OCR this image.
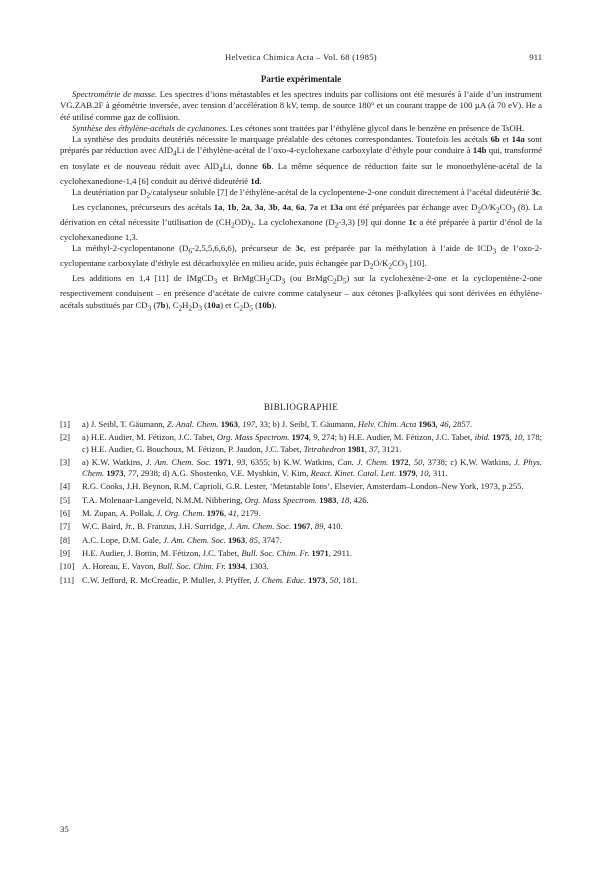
Helvetica Chimica Acta – Vol. 68 (1985)	911
Partie expérimentale

Spectrométrie de masse. Les spectres d’ions métastables et les spectres induits par collisions ont été mesurés à l’aide d’un instrument VG.ZAB.2F à géométrie inversée, avec tension d’accélération 8 kV, temp. de source 180° et un courant trappe de 100 µA (à 70 eV). He a été utilisé comme gaz de collision.

Synthèse des éthylène-acétals de cyclanones. Les cétones sont traitées par l’éthylène glycol dans le benzène en présence de TsOH.

La synthèse des produits deutériés nécessite le marquage préalable des cétones correspondantes. Toutefois les acétals 6b et 14a sont préparés par réduction avec AlD$_4$Li de l’éthylène-acétal de l’oxo-4-cyclohexane carboxylate d’éthyle pour conduire à 14b qui, transformé en tosylate et de nouveau réduit avec AlD$_4$Li, donne 6b. La même séquence de réduction faite sur le monoethylène-acétal de la cyclohexanedione-1,4 [6] conduit au dérivé dideutérié 1d.

La deutériation par $D_2$/catalyseur soluble [7] de l’éthylène-acétal de la cyclopentene-2-one conduit directement à l’acétal dideutérié 3c.

Les cyclanones, précurseurs des acétals 1a, 1b, 2a, 3a, 3b, 4a, 6a, 7a et 13a ont été préparées par échange avec $D_2O/K_2CO_3$ (8). La dérivation en cétal nécessite l’utilisation de $(CH_2OD)_2$. La cyclohexanone $(D_2-3,3)$ [9] qui donne 1c a été préparée à partir d’énol de la cyclohexanedione 1,3.

La méthyl-2-cyclopentanone $(D_6-2,5,5,6,6,6)$, précurseur de 3c, est préparée par la méthylation à l’aide de $ICD_3$ de l’oxo-2-cyclopentane carboxylate d’éthyle est décarboxylée en milieu acide, puis échangée par $D_2O/K_2CO_3$ [10].

Les additions en 1,4 [11] de IMgCD$_3$ et $BrMgCH_2CD_3$ (ou $BrMgC_2D_5$) sur la cyclohexène-2-one et la cyclopentène-2-one respectivement conduisent – en présence d’acétate de cuivre comme catalyseur – aux cétones β-alkylées qui sont dérivées en éthylène-acétals substitués par $CD_3$ (7b), $C_2H_2D_3$ (10a) et $C_2D_5$ (10b).

BIBLIOGRAPHIE
[1] a) J. Seibl, T. Gäumann, Z. Anal. Chem. 1963, 197, 33; b) J. Seibl, T. Gäumann, Helv. Chim. Acta 1963, 46, 2857.
[2] a) H.E. Audier, M. Fétizon, J.C. Tabet, Org. Mass Spectrom. 1974, 9, 274; b) H.E. Audier, M. Fétizon, J.C. Tabet, ibid. 1975, 10, 178; c) H.E. Audier, G. Bouchoux, M. Fétizon, P. Jaudon, J.C. Tabet, Tetrahedron 1981, 37, 3121.
[3] a) K.W. Watkins, J. Am. Chem. Soc. 1971, 93, 6355; b) K.W. Watkins, Can. J. Chem. 1972, 50, 3738; c) K.W. Watkins, J. Phys. Chem. 1973, 77, 2938; d) A.G. Shostenko, V.E. Myshkin, V. Kim, React. Kinet. Catal. Lett. 1979, 10, 311.
[4] R.G. Cooks, J.H. Beynon, R.M. Caprioli, G.R. Lester, ‘Metastable Ions’, Elsevier, Amsterdam–London–New York, 1973, p.255.
[5] T.A. Molenaar-Langeveld, N.M.M. Nibbering, Org. Mass Spectrom. 1983, 18, 426.
[6] M. Zupan, A. Pollak, J. Org. Chem. 1976, 41, 2179.
[7] W.C. Baird, Jr., B. Franzus, J.H. Surridge, J. Am. Chem. Soc. 1967, 89, 410.
[8] A.C. Lope, D.M. Gale, J. Am. Chem. Soc. 1963, 85, 3747.
[9] H.E. Audier, J. Bottin, M. Fétizon, J.C. Tabet, Bull. Soc. Chim. Fr. 1971, 2911.
[10] A. Horeau, E. Vavon, Bull. Soc. Chim. Fr. 1934, 1303.
[11] C.W. Jefford, R. McCreadic, P. Muller, J. Pfyffer, J. Chem. Educ. 1973, 50, 181.
35
